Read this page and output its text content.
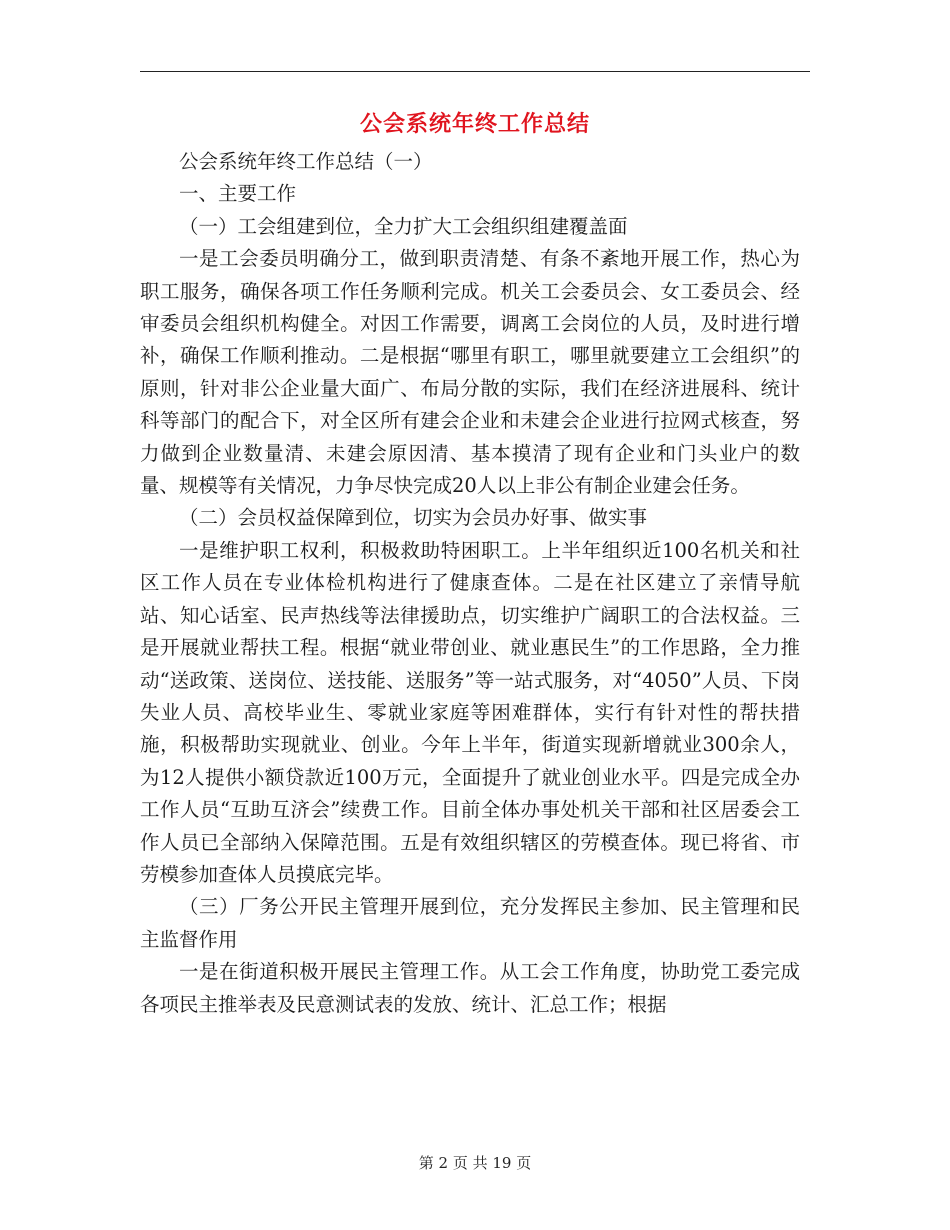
公会系统年终工作总结

公会系统年终工作总结（一）

一、主要工作

（一）工会组建到位，全力扩大工会组织组建覆盖面

一是工会委员明确分工，做到职责清楚、有条不紊地开展工作，热心为职工服务，确保各项工作任务顺利完成。机关工会委员会、女工委员会、经审委员会组织机构健全。对因工作需要，调离工会岗位的人员，及时进行增补，确保工作顺利推动。二是根据“哪里有职工，哪里就要建立工会组织”的原则，针对非公企业量大面广、布局分散的实际，我们在经济进展科、统计科等部门的配合下，对全区所有建会企业和未建会企业进行拉网式核查，努力做到企业数量清、未建会原因清、基本摸清了现有企业和门头业户的数量、规模等有关情况，力争尽快完成20人以上非公有制企业建会任务。

（二）会员权益保障到位，切实为会员办好事、做实事

一是维护职工权利，积极救助特困职工。上半年组织近100名机关和社区工作人员在专业体检机构进行了健康查体。二是在社区建立了亲情导航站、知心话室、民声热线等法律援助点，切实维护广阔职工的合法权益。三是开展就业帮扶工程。根据“就业带创业、就业惠民生”的工作思路，全力推动“送政策、送岗位、送技能、送服务”等一站式服务，对“4050”人员、下岗失业人员、高校毕业生、零就业家庭等困难群体，实行有针对性的帮扶措施，积极帮助实现就业、创业。今年上半年，街道实现新增就业300余人，为12人提供小额贷款近100万元，全面提升了就业创业水平。四是完成全办工作人员“互助互济会”续费工作。目前全体办事处机关干部和社区居委会工作人员已全部纳入保障范围。五是有效组织辖区的劳模查体。现已将省、市劳模参加查体人员摸底完毕。

（三）厂务公开民主管理开展到位，充分发挥民主参加、民主管理和民主监督作用

一是在街道积极开展民主管理工作。从工会工作角度，协助党工委完成各项民主推举表及民意测试表的发放、统计、汇总工作；根据

第 2 页 共 19 页
